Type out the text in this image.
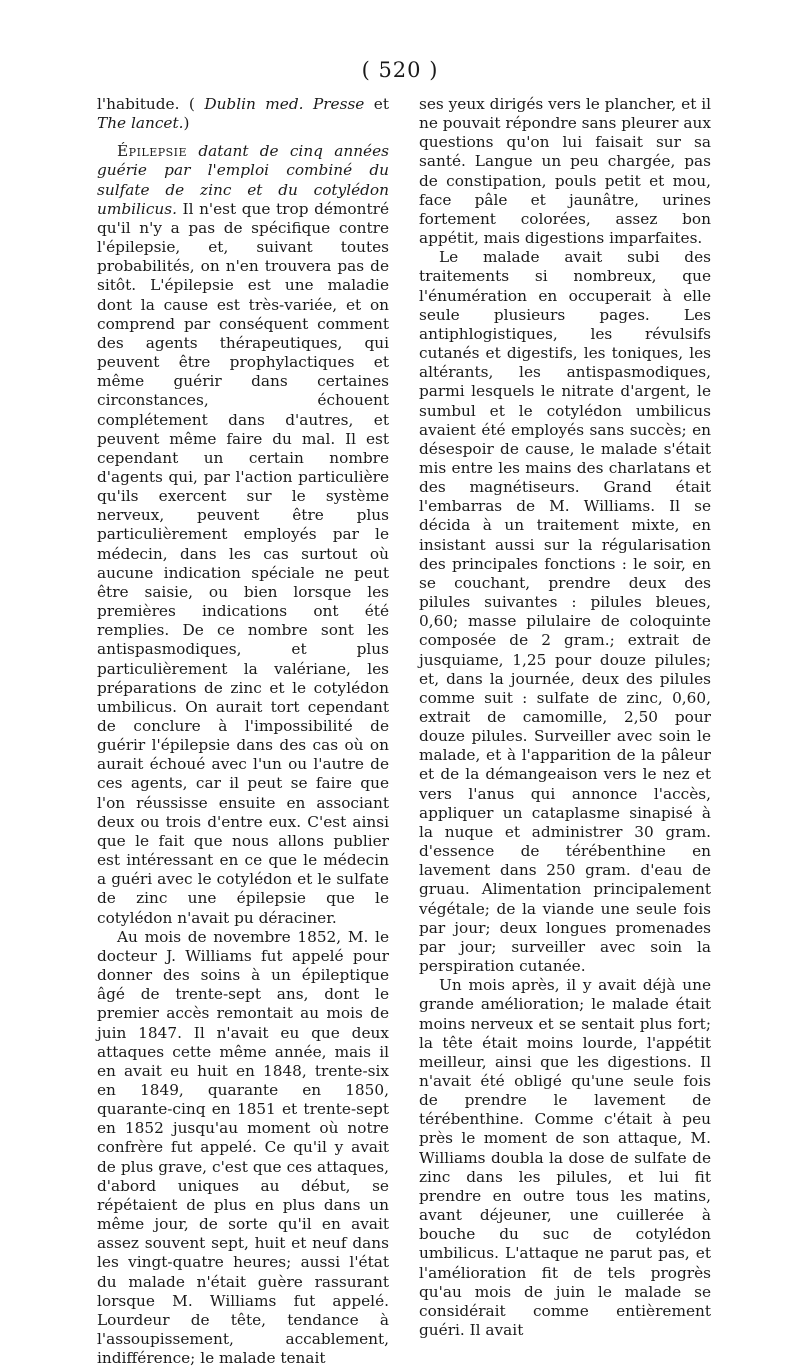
( 520 )

l'habitude. ( Dublin med. Presse et The lancet.)

Épilepsie datant de cinq années guérie par l'emploi combiné du sulfate de zinc et du cotylédon umbilicus. Il n'est que trop démontré qu'il n'y a pas de spécifique contre l'épilepsie, et, suivant toutes probabilités, on n'en trouvera pas de sitôt. L'épilepsie est une maladie dont la cause est très-variée, et on comprend par conséquent comment des agents thérapeutiques, qui peuvent être prophylactiques et même guérir dans certaines circonstances, échouent complétement dans d'autres, et peuvent même faire du mal. Il est cependant un certain nombre d'agents qui, par l'action particulière qu'ils exercent sur le système nerveux, peuvent être plus particulièrement employés par le médecin, dans les cas surtout où aucune indication spéciale ne peut être saisie, ou bien lorsque les premières indications ont été remplies. De ce nombre sont les antispasmodiques, et plus particulièrement la valériane, les préparations de zinc et le cotylédon umbilicus. On aurait tort cependant de conclure à l'impossibilité de guérir l'épilepsie dans des cas où on aurait échoué avec l'un ou l'autre de ces agents, car il peut se faire que l'on réussisse ensuite en associant deux ou trois d'entre eux. C'est ainsi que le fait que nous allons publier est intéressant en ce que le médecin a guéri avec le cotylédon et le sulfate de zinc une épilepsie que le cotylédon n'avait pu déraciner.

Au mois de novembre 1852, M. le docteur J. Williams fut appelé pour donner des soins à un épileptique âgé de trente-sept ans, dont le premier accès remontait au mois de juin 1847. Il n'avait eu que deux attaques cette même année, mais il en avait eu huit en 1848, trente-six en 1849, quarante en 1850, quarante-cinq en 1851 et trente-sept en 1852 jusqu'au moment où notre confrère fut appelé. Ce qu'il y avait de plus grave, c'est que ces attaques, d'abord uniques au début, se répétaient de plus en plus dans un même jour, de sorte qu'il en avait assez souvent sept, huit et neuf dans les vingt-quatre heures; aussi l'état du malade n'était guère rassurant lorsque M. Williams fut appelé. Lourdeur de tête, tendance à l'assoupissement, accablement, indifférence; le malade tenait

ses yeux dirigés vers le plancher, et il ne pouvait répondre sans pleurer aux questions qu'on lui faisait sur sa santé. Langue un peu chargée, pas de constipation, pouls petit et mou, face pâle et jaunâtre, urines fortement colorées, assez bon appétit, mais digestions imparfaites.

Le malade avait subi des traitements si nombreux, que l'énumération en occuperait à elle seule plusieurs pages. Les antiphlogistiques, les révulsifs cutanés et digestifs, les toniques, les altérants, les antispasmodiques, parmi lesquels le nitrate d'argent, le sumbul et le cotylédon umbilicus avaient été employés sans succès; en désespoir de cause, le malade s'était mis entre les mains des charlatans et des magnétiseurs. Grand était l'embarras de M. Williams. Il se décida à un traitement mixte, en insistant aussi sur la régularisation des principales fonctions : le soir, en se couchant, prendre deux des pilules suivantes : pilules bleues, 0,60; masse pilulaire de coloquinte composée de 2 gram.; extrait de jusquiame, 1,25 pour douze pilules; et, dans la journée, deux des pilules comme suit : sulfate de zinc, 0,60, extrait de camomille, 2,50 pour douze pilules. Surveiller avec soin le malade, et à l'apparition de la pâleur et de la démangeaison vers le nez et vers l'anus qui annonce l'accès, appliquer un cataplasme sinapisé à la nuque et administrer 30 gram. d'essence de térébenthine en lavement dans 250 gram. d'eau de gruau. Alimentation principalement végétale; de la viande une seule fois par jour; deux longues promenades par jour; surveiller avec soin la perspiration cutanée.

Un mois après, il y avait déjà une grande amélioration; le malade était moins nerveux et se sentait plus fort; la tête était moins lourde, l'appétit meilleur, ainsi que les digestions. Il n'avait été obligé qu'une seule fois de prendre le lavement de térébenthine. Comme c'était à peu près le moment de son attaque, M. Williams doubla la dose de sulfate de zinc dans les pilules, et lui fit prendre en outre tous les matins, avant déjeuner, une cuillerée à bouche du suc de cotylédon umbilicus. L'attaque ne parut pas, et l'amélioration fit de tels progrès qu'au mois de juin le malade se considérait comme entièrement guéri. Il avait
